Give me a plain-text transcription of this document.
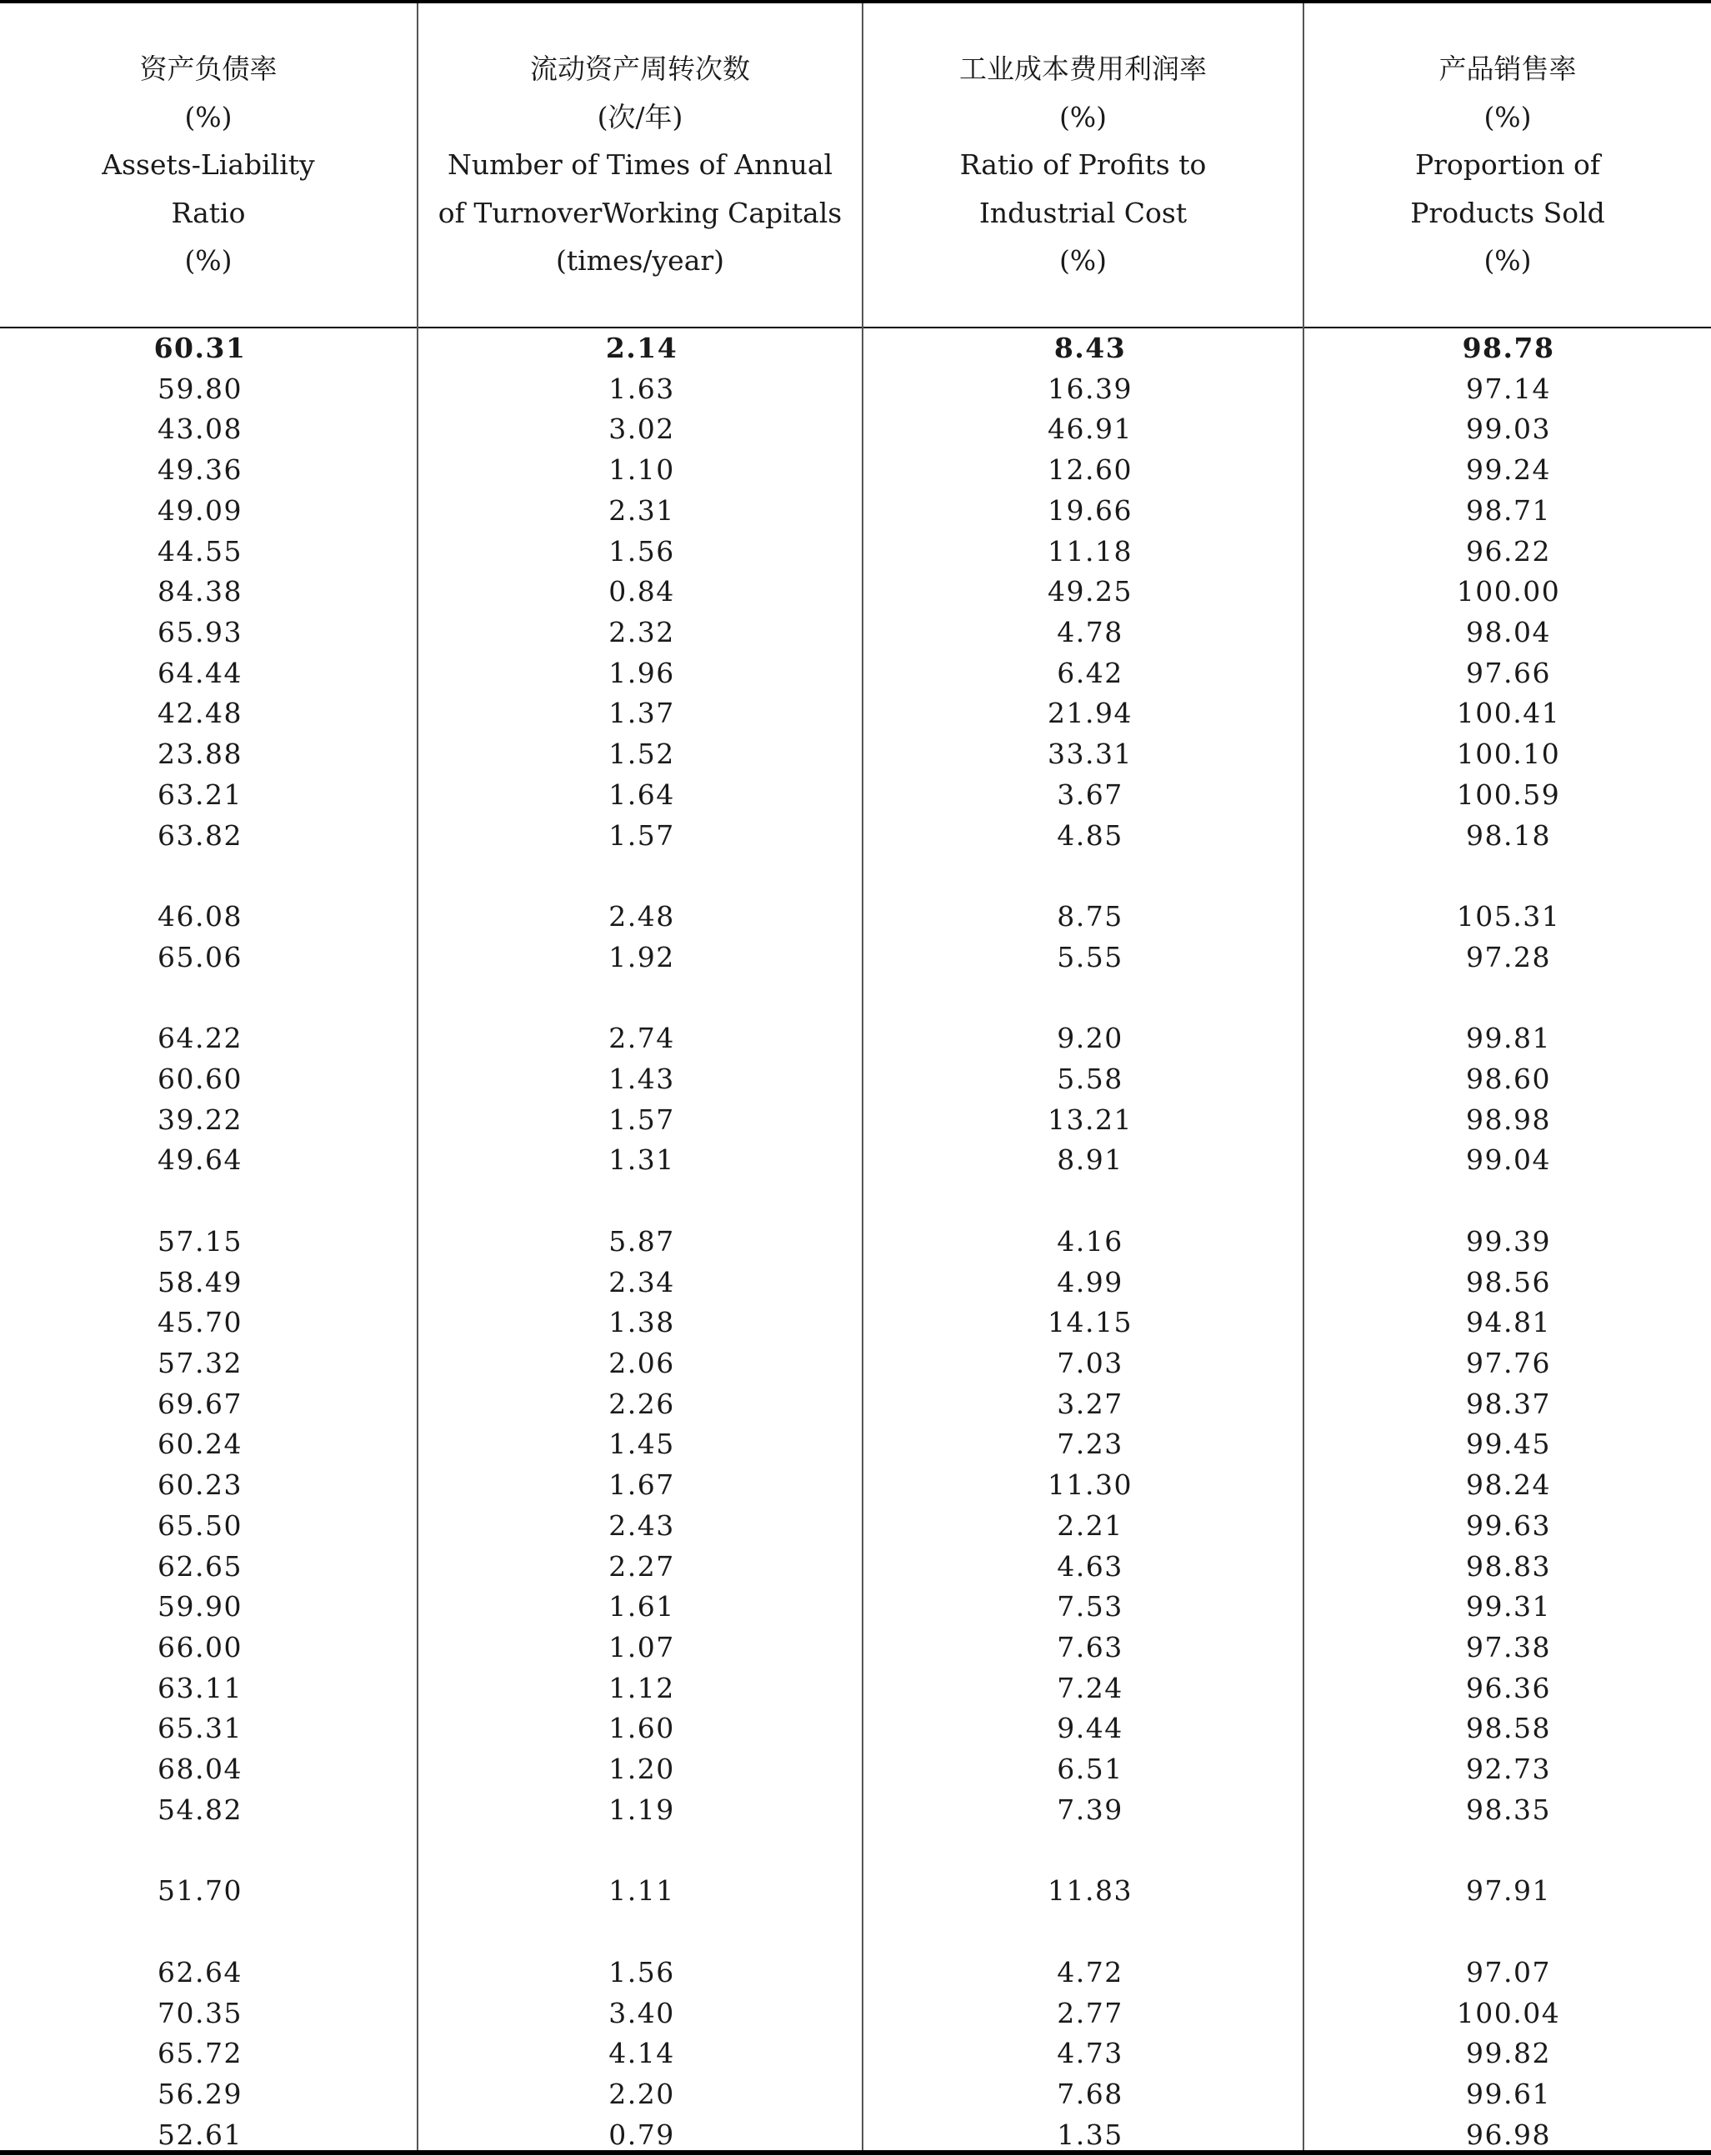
资产负债率
(%)
Assets-Liability
Ratio
(%)
流动资产周转次数
(次/年)
Number of Times of Annual
of TurnoverWorking Capitals
(times/year)
工业成本费用利润率
(%)
Ratio of Profits to
Industrial Cost
(%)
产品销售率
(%)
Proportion of
Products Sold
(%)
60.31	2.14	8.43	98.78
59.80	1.63	16.39	97.14
43.08	3.02	46.91	99.03
49.36	1.10	12.60	99.24
49.09	2.31	19.66	98.71
44.55	1.56	11.18	96.22
84.38	0.84	49.25	100.00
65.93	2.32	4.78	98.04
64.44	1.96	6.42	97.66
42.48	1.37	21.94	100.41
23.88	1.52	33.31	100.10
63.21	1.64	3.67	100.59
63.82	1.57	4.85	98.18
46.08	2.48	8.75	105.31
65.06	1.92	5.55	97.28
64.22	2.74	9.20	99.81
60.60	1.43	5.58	98.60
39.22	1.57	13.21	98.98
49.64	1.31	8.91	99.04
57.15	5.87	4.16	99.39
58.49	2.34	4.99	98.56
45.70	1.38	14.15	94.81
57.32	2.06	7.03	97.76
69.67	2.26	3.27	98.37
60.24	1.45	7.23	99.45
60.23	1.67	11.30	98.24
65.50	2.43	2.21	99.63
62.65	2.27	4.63	98.83
59.90	1.61	7.53	99.31
66.00	1.07	7.63	97.38
63.11	1.12	7.24	96.36
65.31	1.60	9.44	98.58
68.04	1.20	6.51	92.73
54.82	1.19	7.39	98.35
51.70	1.11	11.83	97.91
62.64	1.56	4.72	97.07
70.35	3.40	2.77	100.04
65.72	4.14	4.73	99.82
56.29	2.20	7.68	99.61
52.61	0.79	1.35	96.98
